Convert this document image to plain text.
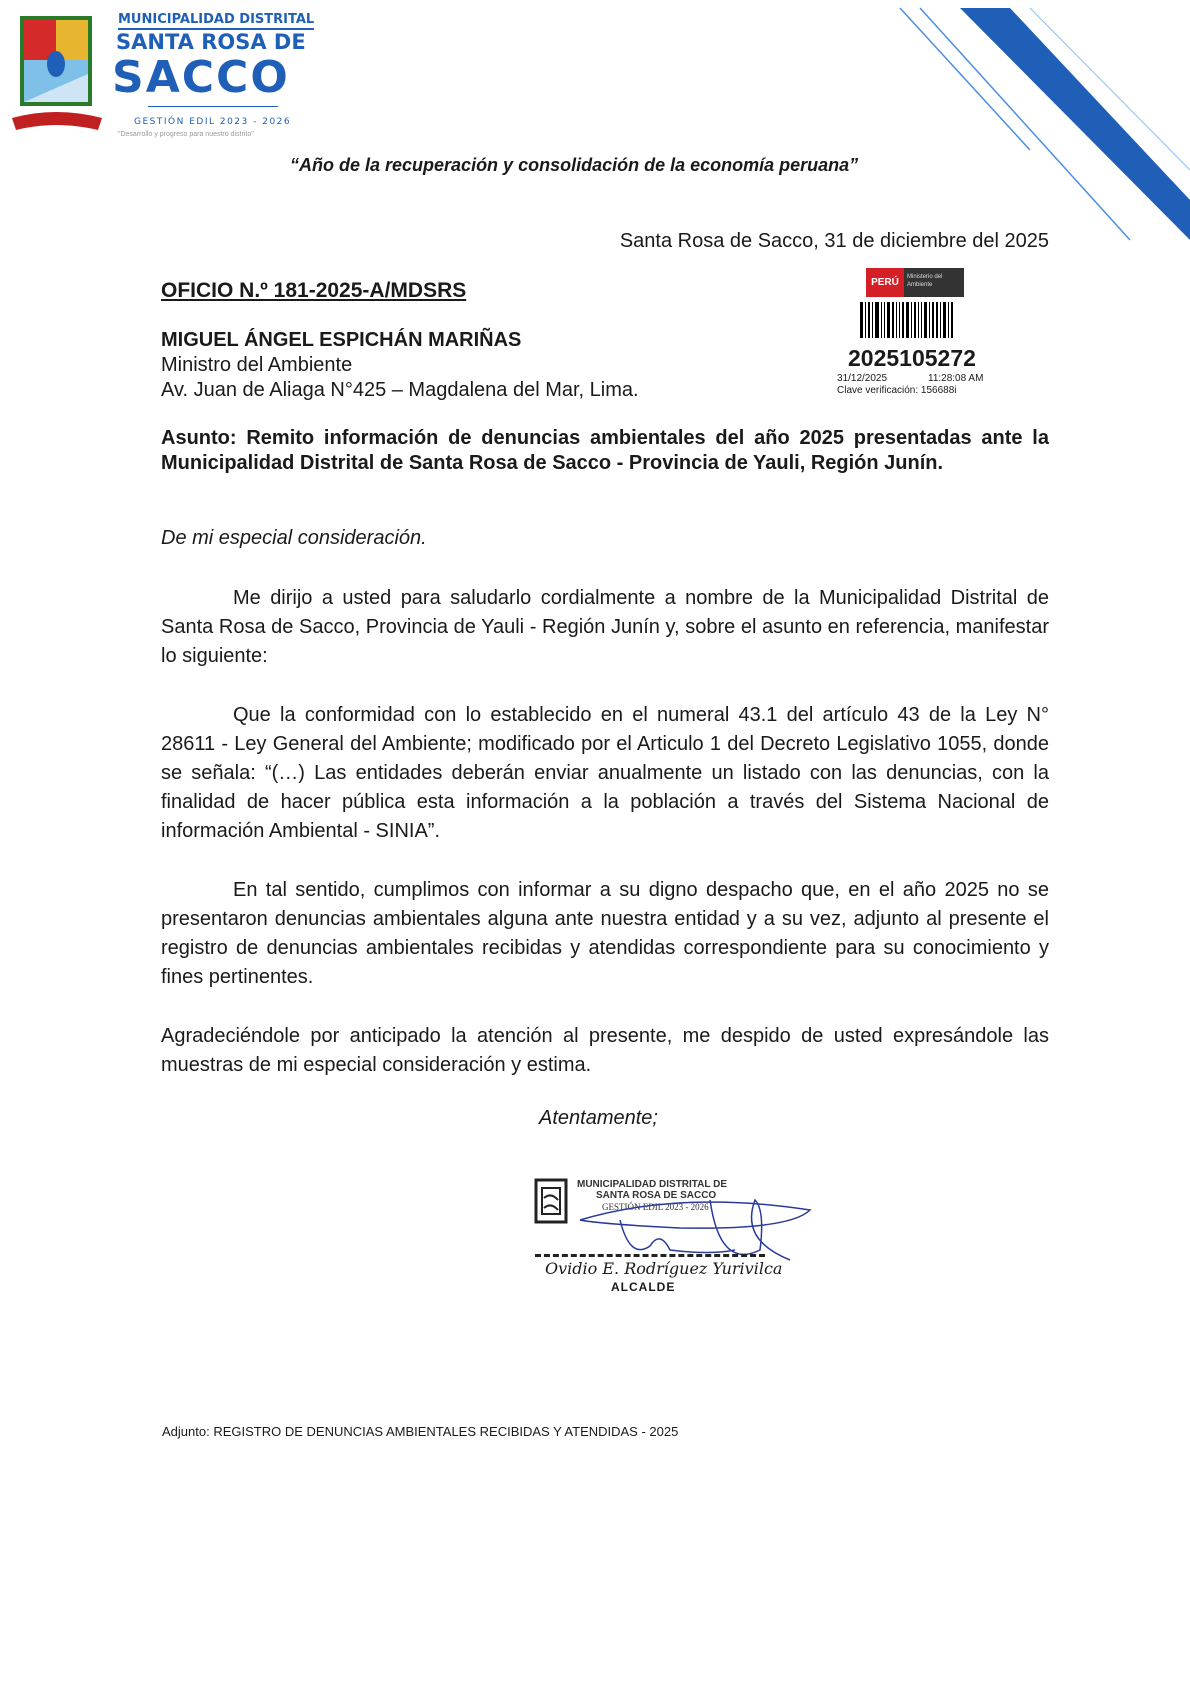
MUNICIPALIDAD DISTRITAL
SANTA ROSA DE
SACCO
GESTIÓN EDIL 2023 - 2026
"Desarrollo y progreso para nuestro distrito"
“Año de la recuperación y consolidación de la economía peruana”
Santa Rosa de Sacco, 31 de diciembre del 2025
OFICIO N.º 181-2025-A/MDSRS	PERÚ	Ministerio del Ambiente
2025105272
31/12/2025	11:28:08 AM
Clave verificación: 156688i
MIGUEL ÁNGEL ESPICHÁN MARIÑAS
Ministro del Ambiente
Av. Juan de Aliaga N°425 – Magdalena del Mar, Lima.
Asunto: Remito información de denuncias ambientales del año 2025 presentadas ante la Municipalidad Distrital de Santa Rosa de Sacco - Provincia de Yauli, Región Junín.
De mi especial consideración.
Me dirijo a usted para saludarlo cordialmente a nombre de la Municipalidad Distrital de Santa Rosa de Sacco, Provincia de Yauli - Región Junín y, sobre el asunto en referencia, manifestar lo siguiente:
Que la conformidad con lo establecido en el numeral 43.1 del artículo 43 de la Ley N° 28611 - Ley General del Ambiente; modificado por el Articulo 1 del Decreto Legislativo 1055, donde se señala: “(…) Las entidades deberán enviar anualmente un listado con las denuncias, con la finalidad de hacer pública esta información a la población a través del Sistema Nacional de información Ambiental - SINIA”.
En tal sentido, cumplimos con informar a su digno despacho que, en el año 2025 no se presentaron denuncias ambientales alguna ante nuestra entidad y a su vez, adjunto al presente el registro de denuncias ambientales recibidas y atendidas correspondiente para su conocimiento y fines pertinentes.
Agradeciéndole por anticipado la atención al presente, me despido de usted expresándole las muestras de mi especial consideración y estima.
Atentamente;
MUNICIPALIDAD DISTRITAL DE
SANTA ROSA DE SACCO
GESTIÓN EDIL 2023 - 2026
Ovidio E. Rodríguez Yurivilca
ALCALDE
Adjunto: REGISTRO DE DENUNCIAS AMBIENTALES RECIBIDAS Y ATENDIDAS - 2025
